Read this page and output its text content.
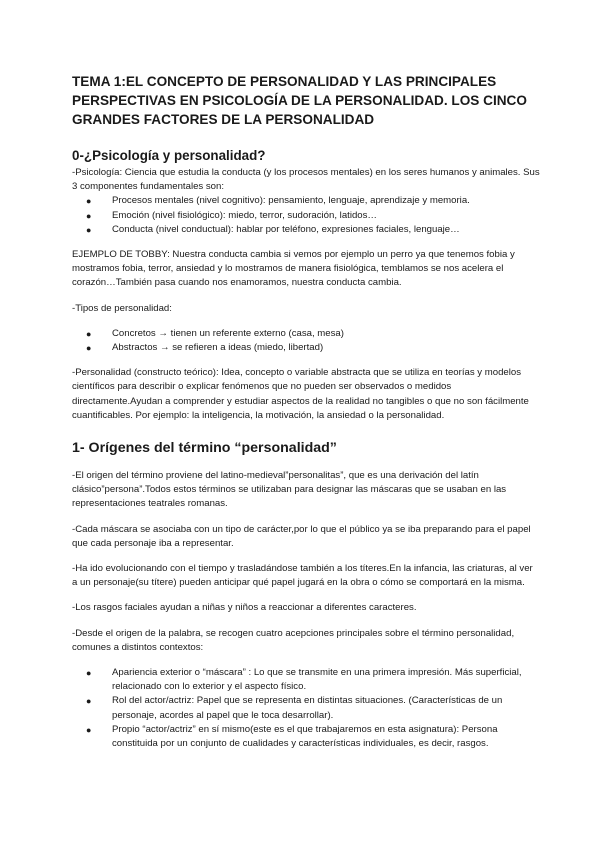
TEMA 1:EL CONCEPTO DE PERSONALIDAD Y LAS PRINCIPALES PERSPECTIVAS EN PSICOLOGÍA DE LA PERSONALIDAD. LOS CINCO GRANDES FACTORES DE LA PERSONALIDAD
0-¿Psicología y personalidad?

-Psicología: Ciencia que estudia la conducta (y los procesos mentales) en los seres humanos y animales. Sus 3 componentes fundamentales son:

● Procesos mentales (nivel cognitivo): pensamiento, lenguaje, aprendizaje y memoria.
● Emoción (nivel fisiológico): miedo, terror, sudoración, latidos…
● Conducta (nivel conductual): hablar por teléfono, expresiones faciales, lenguaje…

EJEMPLO DE TOBBY: Nuestra conducta cambia si vemos por ejemplo un perro ya que tenemos fobia y mostramos fobia, terror, ansiedad y lo mostramos de manera fisiológica, temblamos se nos acelera el corazón…También pasa cuando nos enamoramos, nuestra conducta cambia.

-Tipos de personalidad:

● Concretos → tienen un referente externo (casa, mesa)
● Abstractos → se refieren a ideas (miedo, libertad)

-Personalidad (constructo teórico): Idea, concepto o variable abstracta que se utiliza en teorías y modelos científicos para describir o explicar fenómenos que no pueden ser observados o medidos directamente.Ayudan a comprender y estudiar aspectos de la realidad no tangibles o que no son fácilmente cuantificables. Por ejemplo: la inteligencia, la motivación, la ansiedad o la personalidad.

1- Orígenes del término “personalidad”

-El origen del término proviene del latino-medieval”personalitas”, que es una derivación del latín clásico”persona”.Todos estos términos se utilizaban para designar las máscaras que se usaban en las representaciones teatrales romanas.

-Cada máscara se asociaba con un tipo de carácter,por lo que el público ya se iba preparando para el papel que cada personaje iba a representar.

-Ha ido evolucionando con el tiempo y trasladándose también a los títeres.En la infancia, las criaturas, al ver a un personaje(su títere) pueden anticipar qué papel jugará en la obra o cómo se comportará en la misma.

-Los rasgos faciales ayudan a niñas y niños a reaccionar a diferentes caracteres.

-Desde el origen de la palabra, se recogen cuatro acepciones principales sobre el término personalidad, comunes a distintos contextos:

● Apariencia exterior o “máscara” : Lo que se transmite en una primera impresión. Más superficial, relacionado con lo exterior y el aspecto físico.
● Rol del actor/actriz: Papel que se representa en distintas situaciones. (Características de un personaje, acordes al papel que le toca desarrollar).
● Propio “actor/actriz” en sí mismo(este es el que trabajaremos en esta asignatura): Persona constituida por un conjunto de cualidades y características individuales, es decir, rasgos.
